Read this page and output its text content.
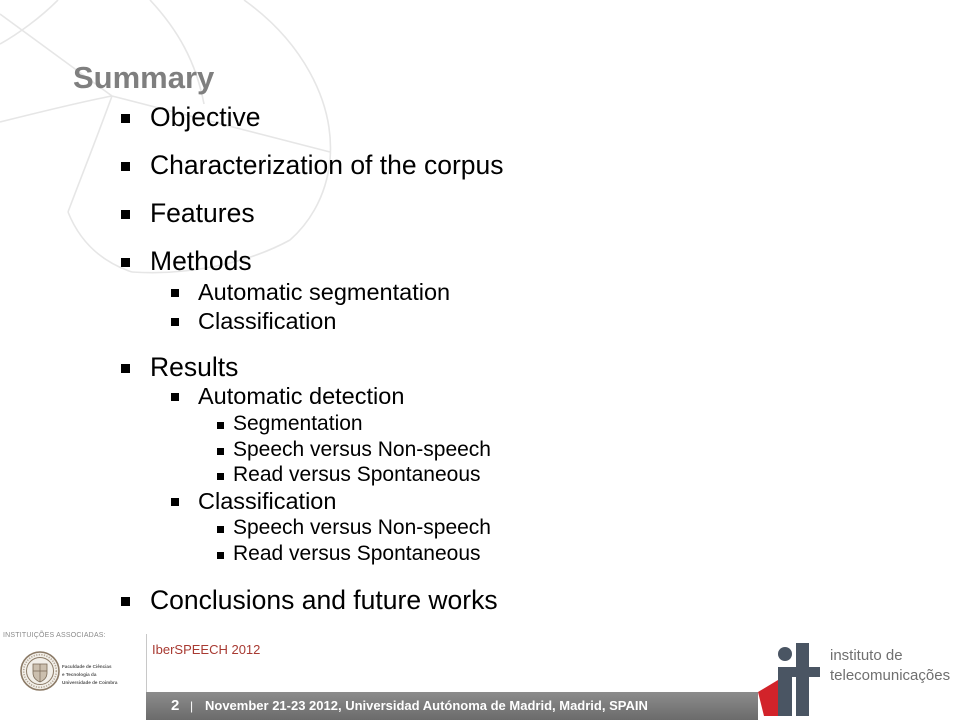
Summary
Objective
Characterization of the corpus
Features
Methods
Automatic segmentation
Classification
Results
Automatic detection
Segmentation
Speech versus Non-speech
Read versus Spontaneous
Classification
Speech versus Non-speech
Read versus Spontaneous
Conclusions and future works
INSTITUIÇÕES ASSOCIADAS:
Faculdade de Ciências
e Tecnologia da
Universidade de Coimbra
IberSPEECH 2012
2 | November 21-23 2012, Universidad Autónoma de Madrid, Madrid, SPAIN
instituto de
telecomunicações
